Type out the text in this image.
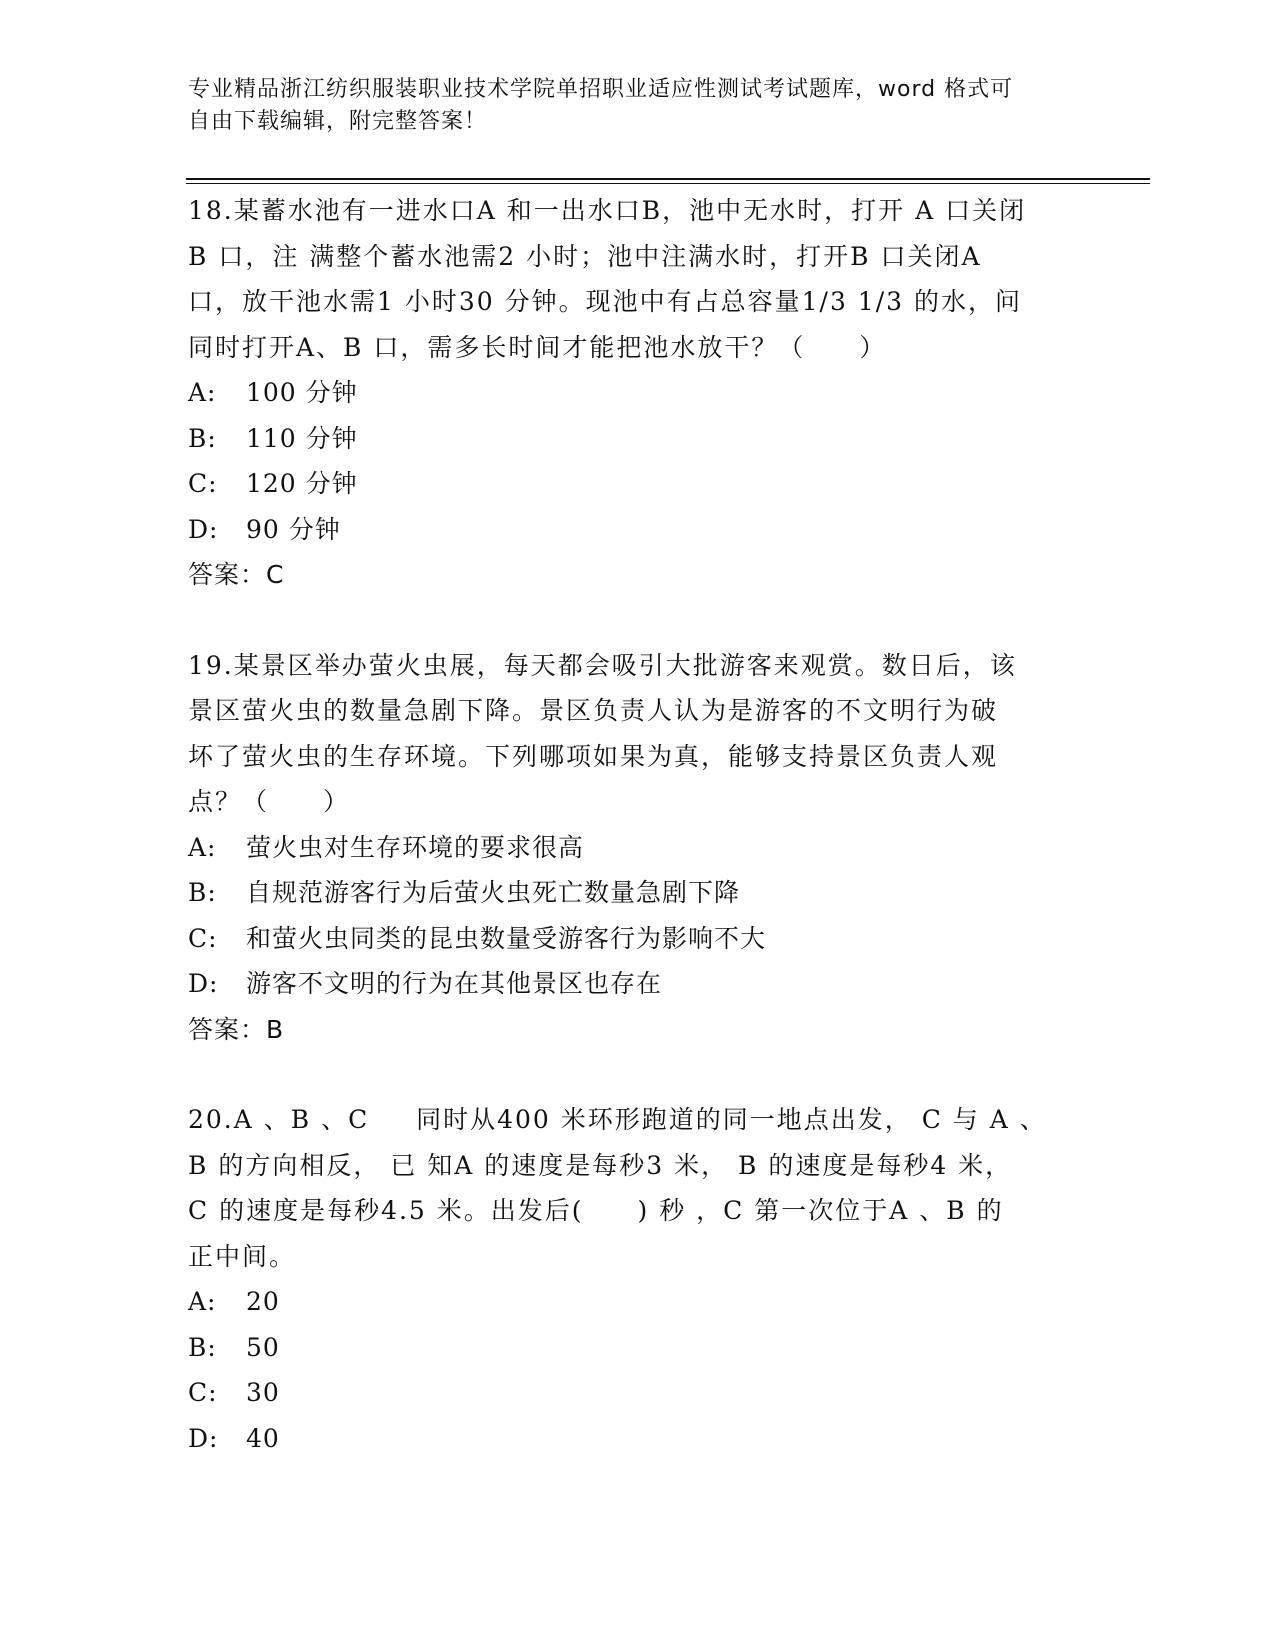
专业精品浙江纺织服装职业技术学院单招职业适应性测试考试题库，word 格式可
自由下载编辑，附完整答案！
18.某蓄水池有一进水口A 和一出水口B，池中无水时，打开 A 口关闭
B 口，注 满整个蓄水池需2 小时；池中注满水时，打开B 口关闭A
口，放干池水需1 小时30 分钟。现池中有占总容量1/3 1/3 的水，问
同时打开A、B 口，需多长时间才能把池水放干？（　　）
A: 100 分钟
B: 110 分钟
C: 120 分钟
D: 90 分钟
答案：C
19.某景区举办萤火虫展，每天都会吸引大批游客来观赏。数日后，该
景区萤火虫的数量急剧下降。景区负责人认为是游客的不文明行为破
坏了萤火虫的生存环境。下列哪项如果为真，能够支持景区负责人观
点？（　　）
A: 萤火虫对生存环境的要求很高
B: 自规范游客行为后萤火虫死亡数量急剧下降
C: 和萤火虫同类的昆虫数量受游客行为影响不大
D: 游客不文明的行为在其他景区也存在
答案：B
20.A 、B 、C 　 同时从400 米环形跑道的同一地点出发， C 与 A 、
B 的方向相反， 已 知A 的速度是每秒3 米， B 的速度是每秒4 米，
C 的速度是每秒4.5 米。出发后(　　) 秒 ，C 第一次位于A 、B 的
正中间。
A: 20
B: 50
C: 30
D: 40
